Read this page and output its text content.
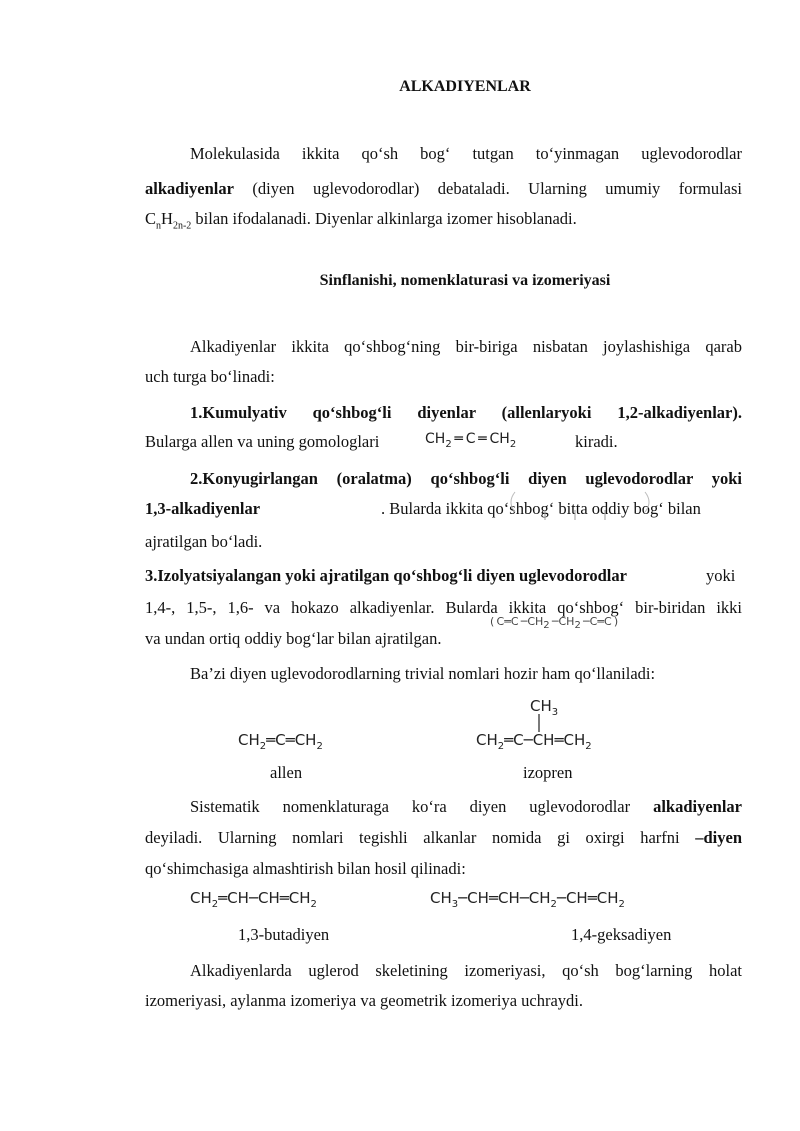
ALKADIYENLAR
Molekulasida ikkita qo‘sh bog‘ tutgan to‘yinmagan uglevodorodlar
alkadiyenlar (diyen uglevodorodlar) debataladi. Ularning umumiy formulasi
$C_nH_{2n-2}$ bilan ifodalanadi. Diyenlar alkinlarga izomer hisoblanadi.
Sinflanishi, nomenklaturasi va izomeriyasi
Alkadiyenlar ikkita qo‘shbog‘ning bir-biriga nisbatan joylashishiga qarab
uch turga bo‘linadi:
1.Kumulyativ qo‘shbog‘li diyenlar (allenlaryoki 1,2-alkadiyenlar).
Bularga allen va uning gomologlari	$CH_2$ ═ C ═ $CH_2$	kiradi.
2.Konyugirlangan (oralatma) qo‘shbog‘li diyen uglevodorodlar yoki
1,3-alkadiyenlar	. Bularda ikkita qo‘shbog‘ bitta oddiy bog‘ bilan
ajratilgan bo‘ladi.
3.Izolyatsiyalangan yoki ajratilgan qo‘shbog‘li diyen uglevodorodlar	yoki
1,4-, 1,5-, 1,6- va hokazo alkadiyenlar. Bularda ikkita qo‘shbog‘ bir-biridan ikki
va undan ortiq oddiy bog‘lar bilan ajratilgan.
( C═C $─CH_2$ $─CH_2$ ─C═C )
Ba’zi diyen uglevodorodlarning trivial nomlari hozir ham qo‘llaniladi:
$CH_2═C═CH_2$
allen
$CH_3$
$CH_2═C─CH═CH_2$
izopren
Sistematik nomenklaturaga ko‘ra diyen uglevodorodlar alkadiyenlar
deyiladi. Ularning nomlari tegishli alkanlar nomida gi oxirgi harfni –diyen
qo‘shimchasiga almashtirish bilan hosil qilinadi:
$CH_2═CH─CH═CH_2$	$CH_3─CH═CH─CH_2─CH═CH_2$
1,3-butadiyen	1,4-geksadiyen
Alkadiyenlarda uglerod skeletining izomeriyasi, qo‘sh bog‘larning holat
izomeriyasi, aylanma izomeriya va geometrik izomeriya uchraydi.
